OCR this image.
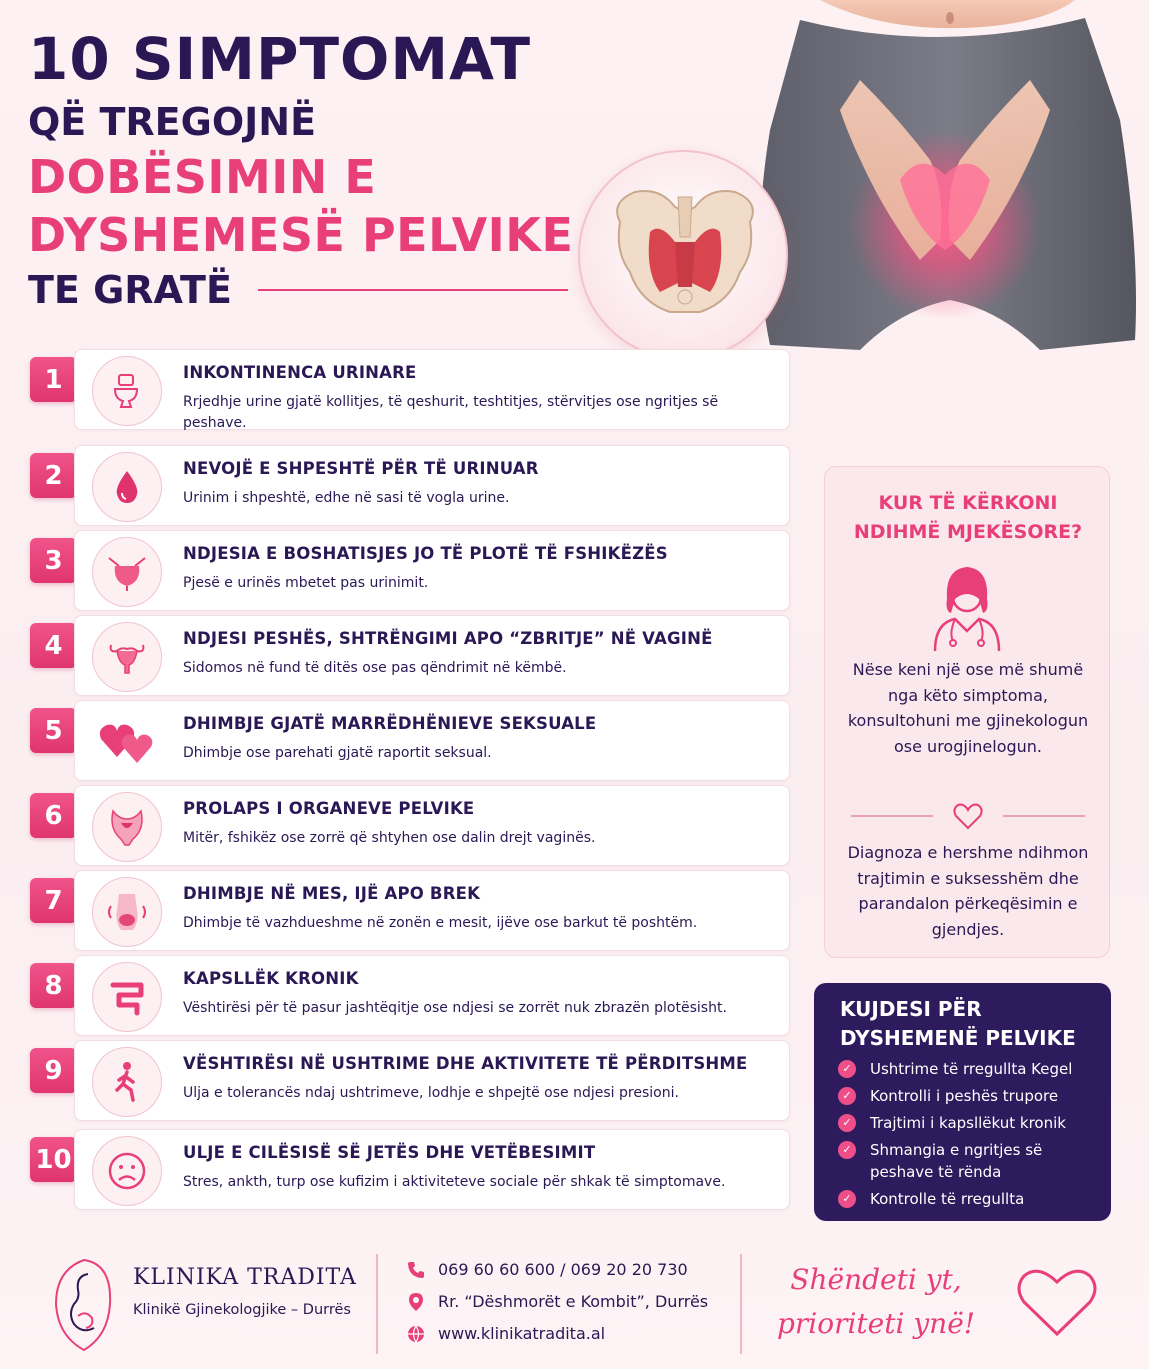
10 SIMPTOMAT
QË TREGOJNË
DOBËSIMIN E
DYSHEMESË PELVIKE
TE GRATË
1	INKONTINENCA URINARE
Rrjedhje urine gjatë kollitjes, të qeshurit, teshtitjes, stërvitjes ose ngritjes së peshave.
2	NEVOJË E SHPESHTË PËR TË URINUAR
Urinim i shpeshtë, edhe në sasi të vogla urine.
3	NDJESIA E BOSHATISJES JO TË PLOTË TË FSHIKËZËS
Pjesë e urinës mbetet pas urinimit.
4	NDJESI PESHËS, SHTRËNGIMI APO “ZBRITJE” NË VAGINË
Sidomos në fund të ditës ose pas qëndrimit në këmbë.
5	DHIMBJE GJATË MARRËDHËNIEVE SEKSUALE
Dhimbje ose parehati gjatë raportit seksual.
6	PROLAPS I ORGANEVE PELVIKE
Mitër, fshikëz ose zorrë që shtyhen ose dalin drejt vaginës.
7	DHIMBJE NË MES, IJË APO BREK
Dhimbje të vazhdueshme në zonën e mesit, ijëve ose barkut të poshtëm.
8	KAPSLLËK KRONIK
Vështirësi për të pasur jashtëqitje ose ndjesi se zorrët nuk zbrazën plotësisht.
9	VËSHTIRËSI NË USHTRIME DHE AKTIVITETE TË PËRDITSHME
Ulja e tolerancës ndaj ushtrimeve, lodhje e shpejtë ose ndjesi presioni.
10	ULJE E CILËSISË SË JETËS DHE VETËBESIMIT
Stres, ankth, turp ose kufizim i aktiviteteve sociale për shkak të simptomave.
KUR TË KËRKONI
NDIHMË MJEKËSORE?
Nëse keni një ose më shumë nga këto simptoma, konsultohuni me gjinekologun ose urogjinelogun.
Diagnoza e hershme ndihmon trajtimin e suksesshëm dhe parandalon përkeqësimin e gjendjes.
KUJDESI PËR
DYSHEMENË PELVIKE
✓ Ushtrime të rregullta Kegel
✓ Kontrolli i peshës trupore
✓ Trajtimi i kapsllëkut kronik
✓ Shmangia e ngritjes së peshave të rënda
✓ Kontrolle të rregullta
KLINIKA TRADITA
Klinikë Gjinekologjike – Durrës
069 60 60 600 / 069 20 20 730
Rr. “Dëshmorët e Kombit”, Durrës
www.klinikatradita.al
Shëndeti yt,
prioriteti ynë!
